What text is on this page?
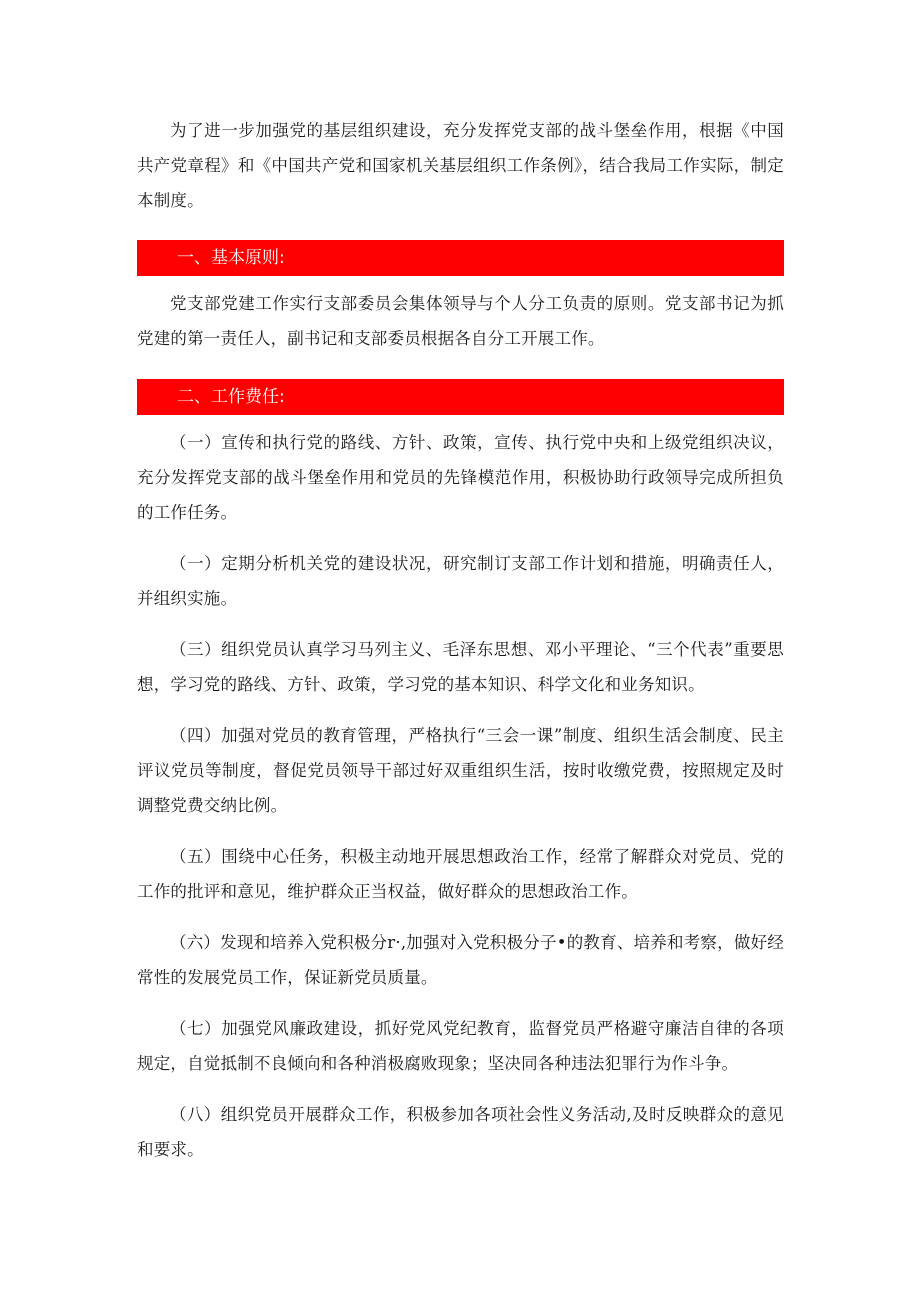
为了进一步加强党的基层组织建设，充分发挥党支部的战斗堡垒作用，根据《中国共产党章程》和《中国共产党和国家机关基层组织工作条例》，结合我局工作实际，制定本制度。

一、基本原则:

党支部党建工作实行支部委员会集体领导与个人分工负责的原则。党支部书记为抓党建的第一责任人，副书记和支部委员根据各自分工开展工作。

二、工作费任:

（一）宣传和执行党的路线、方针、政策，宣传、执行党中央和上级党组织决议，充分发挥党支部的战斗堡垒作用和党员的先锋模范作用，积极协助行政领导完成所担负的工作任务。

（一）定期分析机关党的建设状况，研究制订支部工作计划和措施，明确责任人，并组织实施。

（三）组织党员认真学习马列主义、毛泽东思想、邓小平理论、“三个代表”重要思想，学习党的路线、方针、政策，学习党的基本知识、科学文化和业务知识。

（四）加强对党员的教育管理，严格执行“三会一课”制度、组织生活会制度、民主评议党员等制度，督促党员领导干部过好双重组织生活，按时收缴党费，按照规定及时调整党费交纳比例。

（五）围绕中心任务，积极主动地开展思想政治工作，经常了解群众对党员、党的工作的批评和意见，维护群众正当权益，做好群众的思想政治工作。

（六）发现和培养入党积极分r·,加强对入党积极分子•的教育、培养和考察，做好经常性的发展党员工作，保证新党员质量。

（七）加强党风廉政建设，抓好党风党纪教育，监督党员严格避守廉洁自律的各项规定，自觉抵制不良倾向和各种消极腐败现象；坚决同各种违法犯罪行为作斗争。

（八）组织党员开展群众工作，积极参加各项社会性义务活动,及时反映群众的意见和要求。
